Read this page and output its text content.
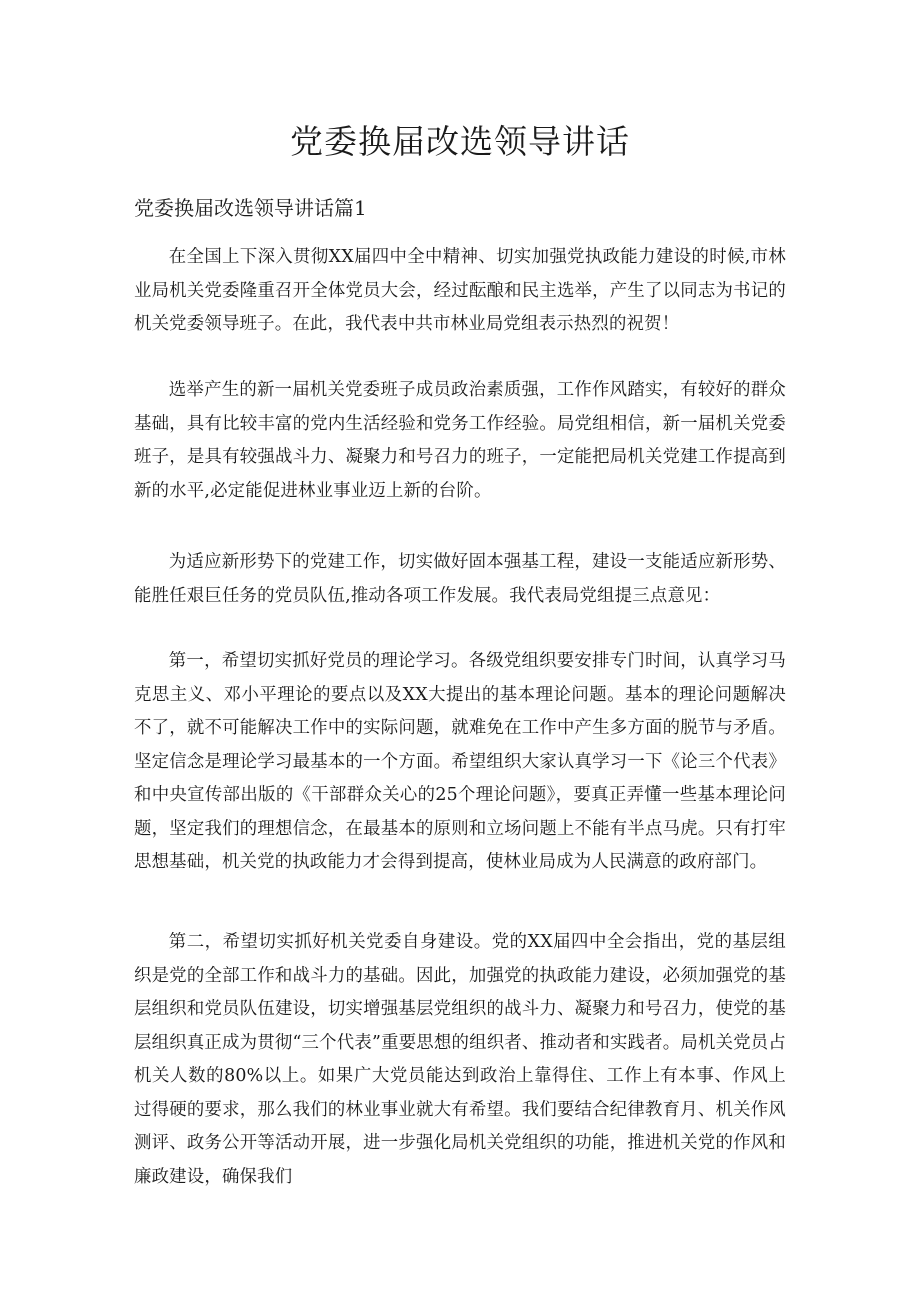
党委换届改选领导讲话
党委换届改选领导讲话篇1

在全国上下深入贯彻XX届四中全中精神、切实加强党执政能力建设的时候,市林业局机关党委隆重召开全体党员大会，经过酝酿和民主选举，产生了以同志为书记的机关党委领导班子。在此，我代表中共市林业局党组表示热烈的祝贺！

选举产生的新一届机关党委班子成员政治素质强，工作作风踏实，有较好的群众基础，具有比较丰富的党内生活经验和党务工作经验。局党组相信，新一届机关党委班子，是具有较强战斗力、凝聚力和号召力的班子，一定能把局机关党建工作提高到新的水平,必定能促进林业事业迈上新的台阶。

为适应新形势下的党建工作，切实做好固本强基工程，建设一支能适应新形势、能胜任艰巨任务的党员队伍,推动各项工作发展。我代表局党组提三点意见：

第一，希望切实抓好党员的理论学习。各级党组织要安排专门时间，认真学习马克思主义、邓小平理论的要点以及XX大提出的基本理论问题。基本的理论问题解决不了，就不可能解决工作中的实际问题，就难免在工作中产生多方面的脱节与矛盾。坚定信念是理论学习最基本的一个方面。希望组织大家认真学习一下《论三个代表》和中央宣传部出版的《干部群众关心的25个理论问题》，要真正弄懂一些基本理论问题，坚定我们的理想信念，在最基本的原则和立场问题上不能有半点马虎。只有打牢思想基础，机关党的执政能力才会得到提高，使林业局成为人民满意的政府部门。

第二，希望切实抓好机关党委自身建设。党的XX届四中全会指出，党的基层组织是党的全部工作和战斗力的基础。因此，加强党的执政能力建设，必须加强党的基层组织和党员队伍建设，切实增强基层党组织的战斗力、凝聚力和号召力，使党的基层组织真正成为贯彻“三个代表”重要思想的组织者、推动者和实践者。局机关党员占机关人数的80%以上。如果广大党员能达到政治上靠得住、工作上有本事、作风上过得硬的要求，那么我们的林业事业就大有希望。我们要结合纪律教育月、机关作风测评、政务公开等活动开展，进一步强化局机关党组织的功能，推进机关党的作风和廉政建设，确保我们
